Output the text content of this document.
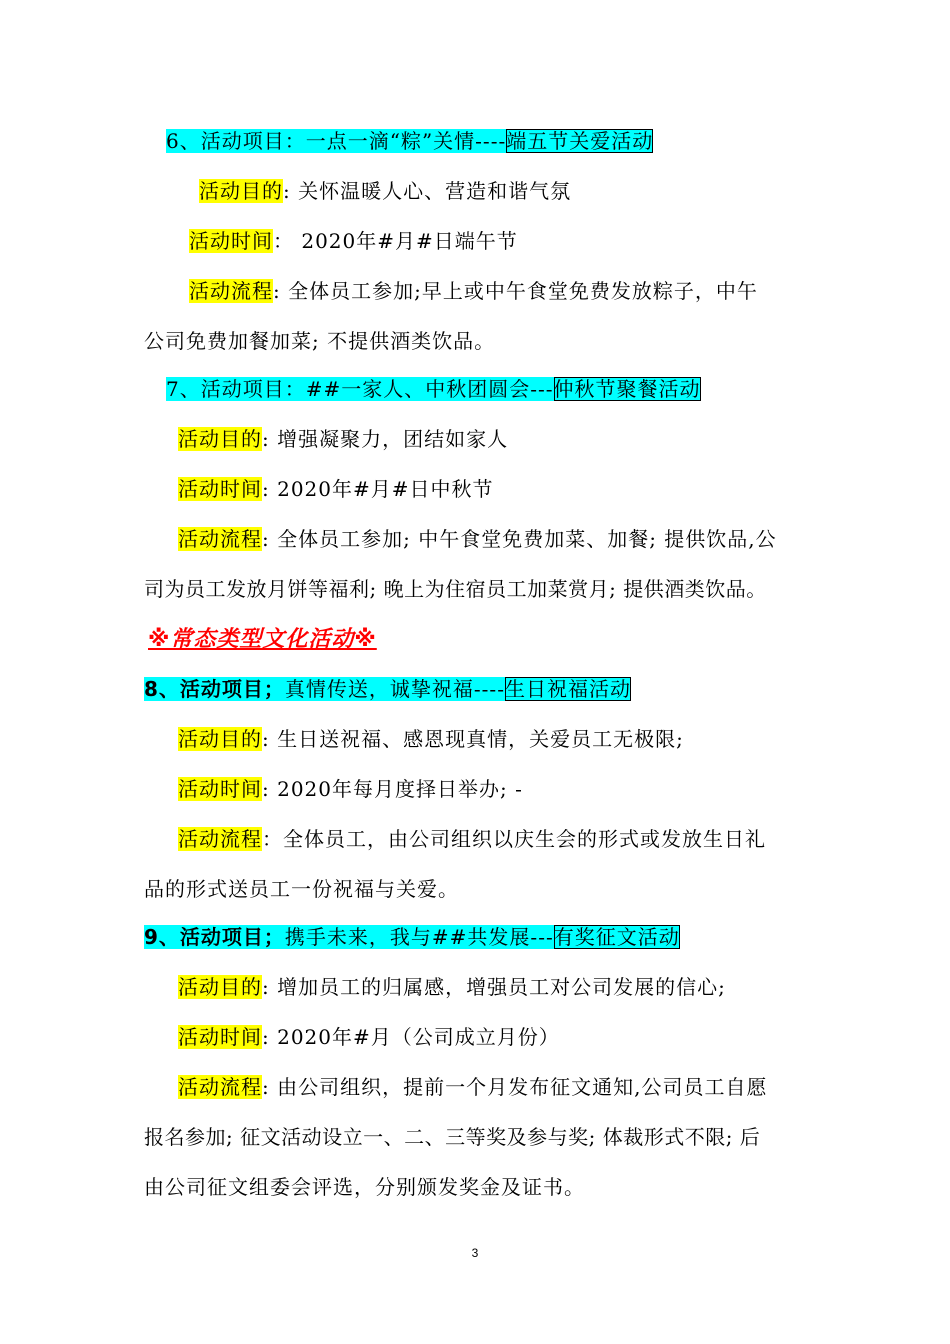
6、活动项目：一点一滴“粽”关情----端五节关爱活动
活动目的: 关怀温暖人心、营造和谐气氛
活动时间： 2020年#月#日端午节
活动流程: 全体员工参加;早上或中午食堂免费发放粽子，中午
公司免费加餐加菜; 不提供酒类饮品。
7、活动项目：##一家人、中秋团圆会---仲秋节聚餐活动
活动目的: 增强凝聚力，团结如家人
活动时间: 2020年#月#日中秋节
活动流程: 全体员工参加; 中午食堂免费加菜、加餐; 提供饮品,公
司为员工发放月饼等福利; 晚上为住宿员工加菜赏月; 提供酒类饮品。
※常态类型文化活动※
8、活动项目；真情传送，诚挚祝福----生日祝福活动
活动目的: 生日送祝福、感恩现真情，关爱员工无极限;
活动时间: 2020年每月度择日举办; -
活动流程：全体员工，由公司组织以庆生会的形式或发放生日礼
品的形式送员工一份祝福与关爱。
9、活动项目；携手未来，我与##共发展---有奖征文活动
活动目的: 增加员工的归属感，增强员工对公司发展的信心;
活动时间: 2020年#月（公司成立月份）
活动流程: 由公司组织，提前一个月发布征文通知,公司员工自愿
报名参加; 征文活动设立一、二、三等奖及参与奖; 体裁形式不限; 后
由公司征文组委会评选，分别颁发奖金及证书。
3
